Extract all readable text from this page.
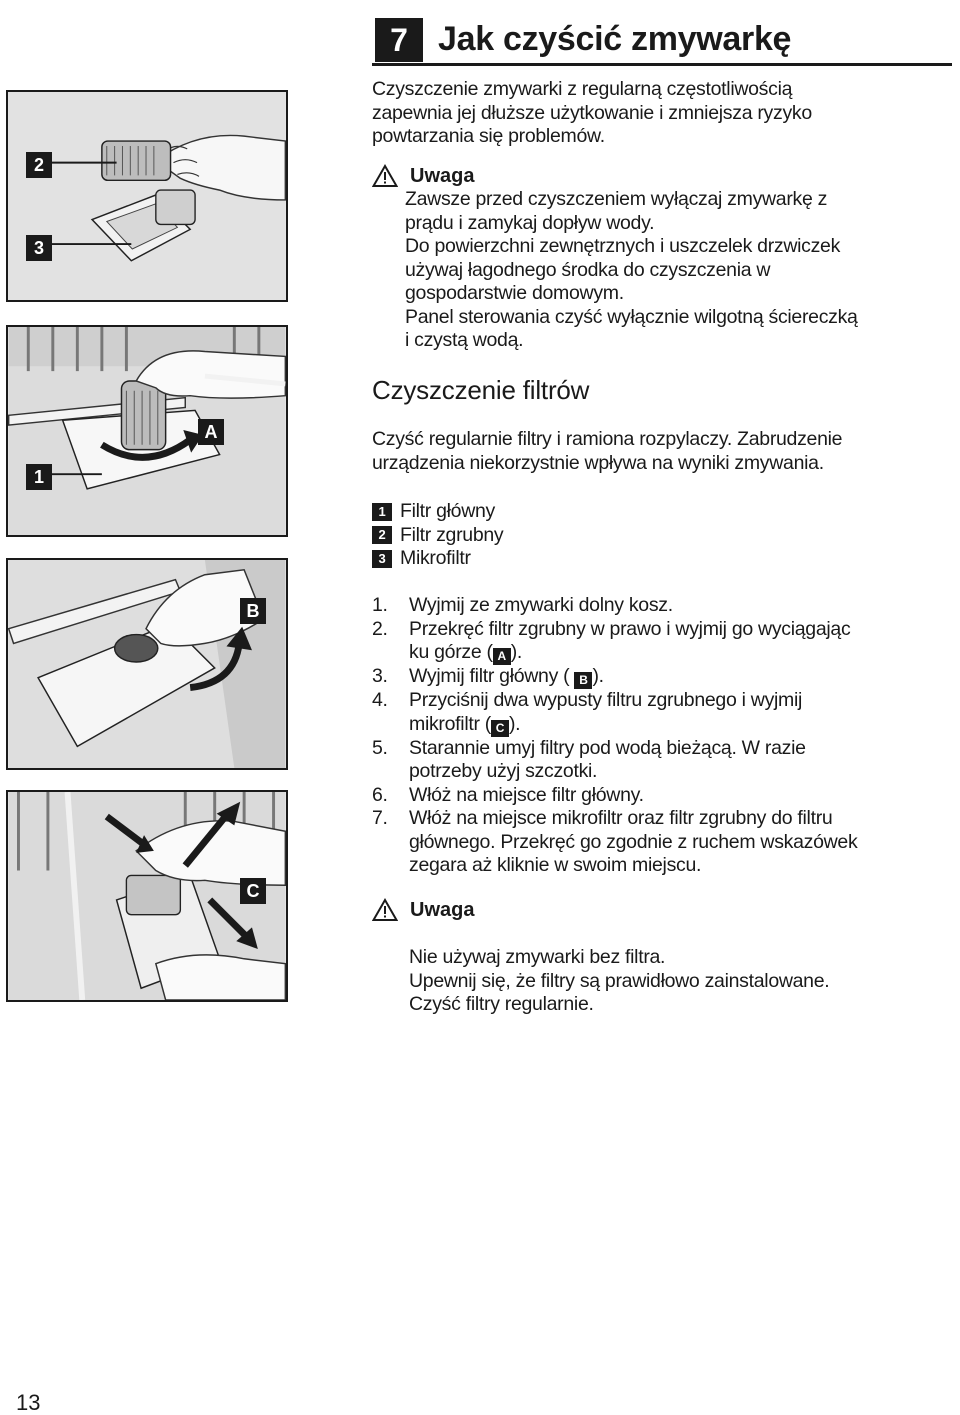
2
3
A
1
B
C
7 Jak czyścić zmywarkę
Czyszczenie zmywarki z regularną częstotliwością
zapewnia jej dłuższe użytkowanie i zmniejsza ryzyko
powtarzania się problemów.
Uwaga
Zawsze przed czyszczeniem wyłączaj zmywarkę z
prądu i zamykaj dopływ wody.
Do powierzchni zewnętrznych i uszczelek drzwiczek
używaj łagodnego środka do czyszczenia w
gospodarstwie domowym.
Panel sterowania czyść wyłącznie wilgotną ściereczką
i czystą wodą.
Czyszczenie filtrów
Czyść regularnie filtry i ramiona rozpylaczy. Zabrudzenie
urządzenia niekorzystnie wpływa na wyniki zmywania.
1 Filtr główny
2 Filtr zgrubny
3 Mikrofiltr
1.	Wyjmij ze zmywarki dolny kosz.
2.	Przekręć filtr zgrubny w prawo i wyjmij go wyciągając
ku górze ( A ).
3.	Wyjmij filtr główny ( B ).
4.	Przyciśnij dwa wypusty filtru zgrubnego i wyjmij
mikrofiltr ( C ).
5.	Starannie umyj filtry pod wodą bieżącą. W razie
potrzeby użyj szczotki.
6.	Włóż na miejsce filtr główny.
7.	Włóż na miejsce mikrofiltr oraz filtr zgrubny do filtru
głównego. Przekręć go zgodnie z ruchem wskazówek
zegara aż kliknie w swoim miejscu.
Uwaga
Nie używaj zmywarki bez filtra.
Upewnij się, że filtry są prawidłowo zainstalowane.
Czyść filtry regularnie.
13
